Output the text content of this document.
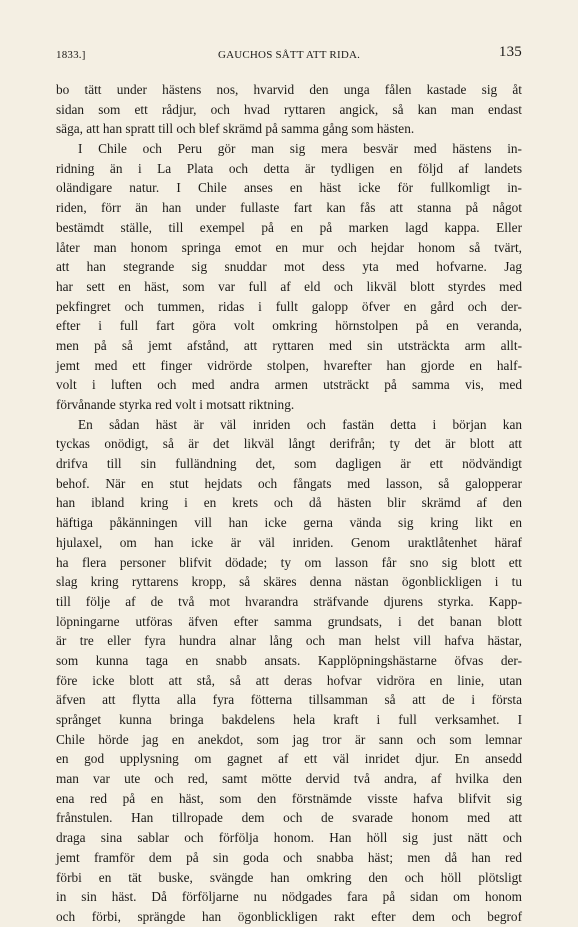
1833.]	GAUCHOS SÅTT ATT RIDA.	135
bo tätt under hästens nos, hvarvid den unga fålen kastade sig åt
sidan som ett rådjur, och hvad ryttaren angick, så kan man endast
säga, att han spratt till och blef skrämd på samma gång som hästen.
I Chile och Peru gör man sig mera besvär med hästens in-
ridning än i La Plata och detta är tydligen en följd af landets
oländigare natur. I Chile anses en häst icke för fullkomligt in-
riden, förr än han under fullaste fart kan fås att stanna på något
bestämdt ställe, till exempel på en på marken lagd kappa. Eller
låter man honom springa emot en mur och hejdar honom så tvärt,
att han stegrande sig snuddar mot dess yta med hofvarne. Jag
har sett en häst, som var full af eld och likväl blott styrdes med
pekfingret och tummen, ridas i fullt galopp öfver en gård och der-
efter i full fart göra volt omkring hörnstolpen på en veranda,
men på så jemt afstånd, att ryttaren med sin utsträckta arm allt-
jemt med ett finger vidrörde stolpen, hvarefter han gjorde en half-
volt i luften och med andra armen utsträckt på samma vis, med
förvånande styrka red volt i motsatt riktning.
En sådan häst är väl inriden och fastän detta i början kan
tyckas onödigt, så är det likväl långt derifrån; ty det är blott att
drifva till sin fulländning det, som dagligen är ett nödvändigt
behof. När en stut hejdats och fångats med lasson, så galopperar
han ibland kring i en krets och då hästen blir skrämd af den
häftiga påkänningen vill han icke gerna vända sig kring likt en
hjulaxel, om han icke är väl inriden. Genom uraktlåtenhet häraf
ha flera personer blifvit dödade; ty om lasson får sno sig blott ett
slag kring ryttarens kropp, så skäres denna nästan ögonblickligen i tu
till följe af de två mot hvarandra sträfvande djurens styrka. Kapp-
löpningarne utföras äfven efter samma grundsats, i det banan blott
är tre eller fyra hundra alnar lång och man helst vill hafva hästar,
som kunna taga en snabb ansats. Kapplöpningshästarne öfvas der-
före icke blott att stå, så att deras hofvar vidröra en linie, utan
äfven att flytta alla fyra fötterna tillsamman så att de i första
språnget kunna bringa bakdelens hela kraft i full verksamhet. I
Chile hörde jag en anekdot, som jag tror är sann och som lemnar
en god upplysning om gagnet af ett väl inridet djur. En ansedd
man var ute och red, samt mötte dervid två andra, af hvilka den
ena red på en häst, som den förstnämde visste hafva blifvit sig
frånstulen. Han tillropade dem och de svarade honom med att
draga sina sablar och förfölja honom. Han höll sig just nätt och
jemt framför dem på sin goda och snabba häst; men då han red
förbi en tät buske, svängde han omkring den och höll plötsligt
in sin häst. Då förföljarne nu nödgades fara på sidan om honom
och förbi, sprängde han ögonblickligen rakt efter dem och begrof
